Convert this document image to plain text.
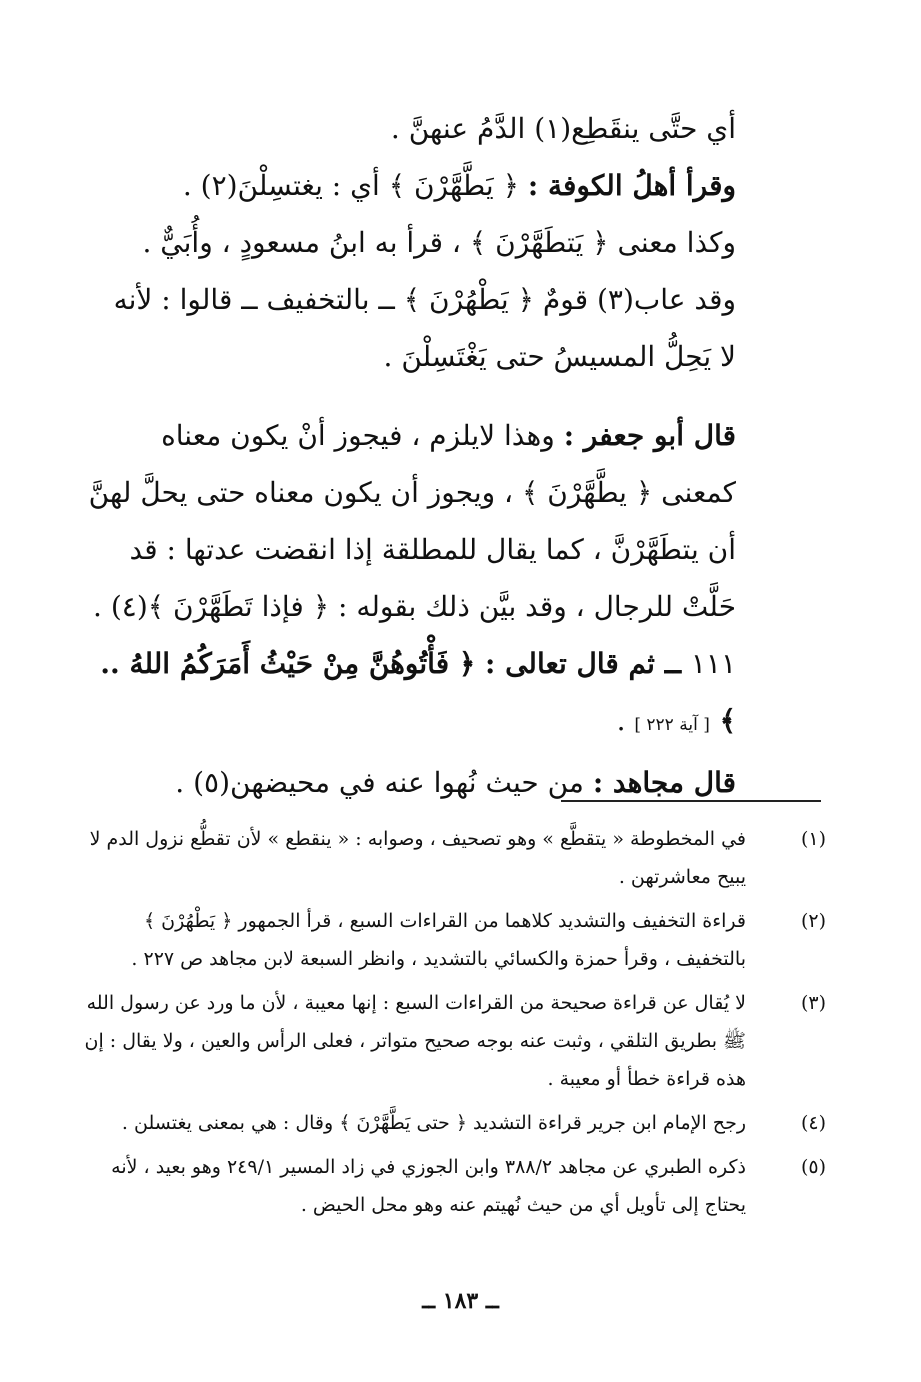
أي حتَّى ينقَطِع(١) الدَّمُ عنهنَّ .

وقرأ أهلُ الكوفة : ﴿ يَطَّهَّرْنَ ﴾ أي : يغتسِلْنَ(٢) .

وكذا معنى ﴿ يَتطَهَّرْنَ ﴾ ، قرأ به ابنُ مسعودٍ ، وأُبَيٌّ .

وقد عاب(٣) قومٌ ﴿ يَطْهُرْنَ ﴾ ــ بالتخفيف ــ قالوا : لأنه

لا يَحِلُّ المسيسُ حتى يَغْتَسِلْنَ .

قال أبو جعفر : وهذا لايلزم ، فيجوز أنْ يكون معناه كمعنى ﴿ يطَّهَّرْنَ ﴾ ، ويجوز أن يكون معناه حتى يحلَّ لهنَّ أن يتطَهَّرْنَّ ، كما يقال للمطلقة إذا انقضت عدتها : قد حَلَّتْ للرجال ، وقد بيَّن ذلك بقوله : ﴿ فإذا تَطَهَّرْنَ ﴾(٤) .

١١١ ــ ثم قال تعالى : ﴿ فَأْتُوهُنَّ مِنْ حَيْثُ أَمَرَكُمُ اللهُ .. ﴾ [ آية ٢٢٢ ] .

قال مجاهد : من حيث نُهوا عنه في محيضهن(٥) .

(١)
في المخطوطة « يتقطَّع » وهو تصحيف ، وصوابه : « ينقطع » لأن تقطُّع نزول الدم لا يبيح معاشرتهن .

(٢)
قراءة التخفيف والتشديد كلاهما من القراءات السبع ، قرأ الجمهور ﴿ يَطْهُرْنَ ﴾ بالتخفيف ، وقرأ حمزة والكسائي بالتشديد ، وانظر السبعة لابن مجاهد ص ٢٢٧ .

(٣)
لا يُقال عن قراءة صحيحة من القراءات السبع : إنها معيبة ، لأن ما ورد عن رسول الله ﷺ بطريق التلقي ، وثبت عنه بوجه صحيح متواتر ، فعلى الرأس والعين ، ولا يقال : إن هذه قراءة خطأ أو معيبة .

(٤)
رجح الإمام ابن جرير قراءة التشديد ﴿ حتى يَطَّهَّرْنَ ﴾ وقال : هي بمعنى يغتسلن .

(٥)
ذكره الطبري عن مجاهد ٣٨٨/٢ وابن الجوزي في زاد المسير ٢٤٩/١ وهو بعيد ، لأنه يحتاج إلى تأويل أي من حيث نُهيتم عنه وهو محل الحيض .

ــ ١٨٣ ــ
